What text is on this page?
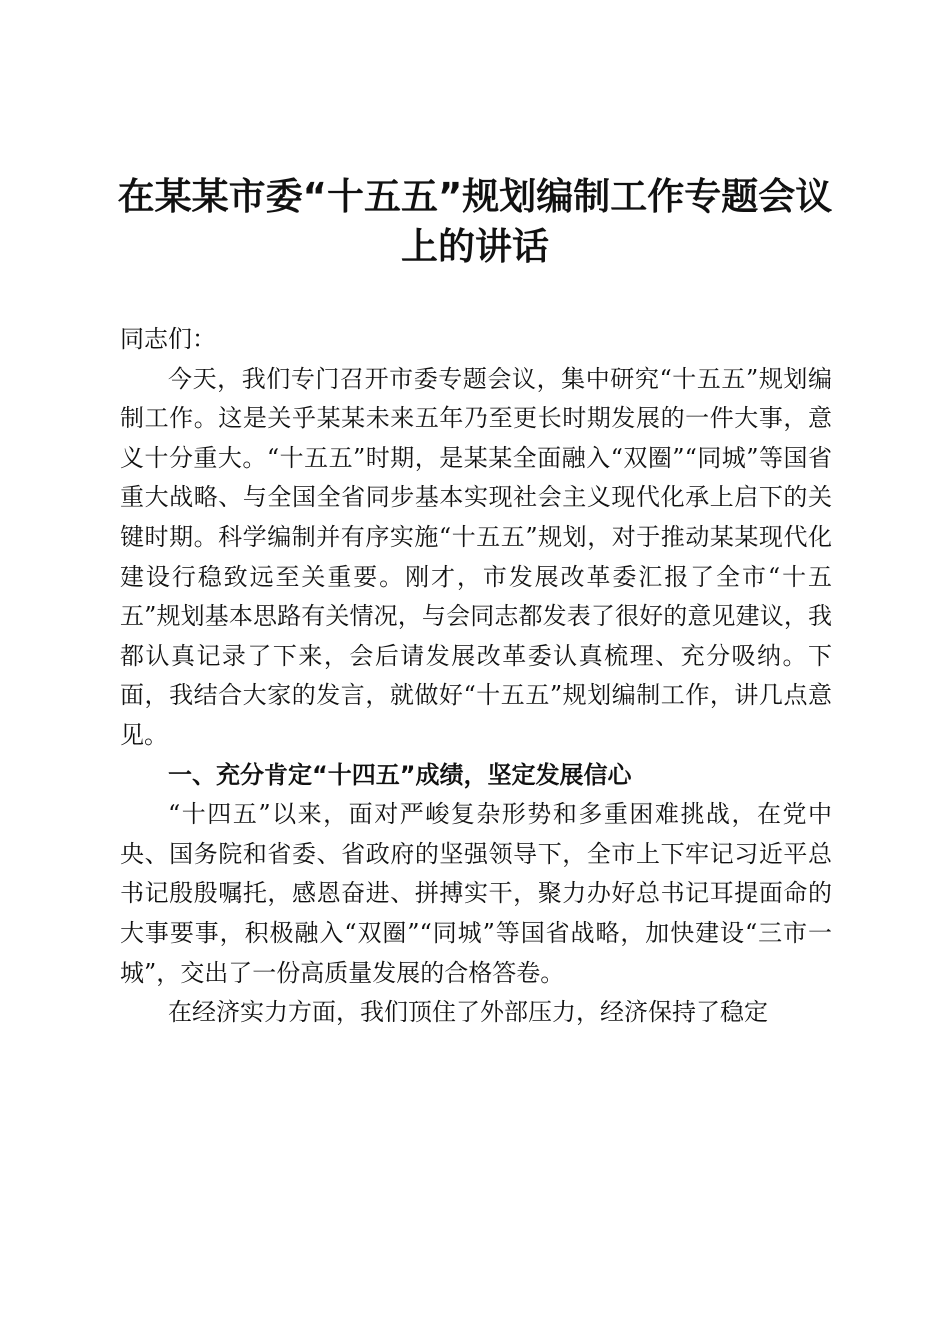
在某某市委“十五五”规划编制工作专题会议
上的讲话

同志们：

今天，我们专门召开市委专题会议，集中研究“十五五”规划编制工作。这是关乎某某未来五年乃至更长时期发展的一件大事，意义十分重大。“十五五”时期，是某某全面融入“双圈”“同城”等国省重大战略、与全国全省同步基本实现社会主义现代化承上启下的关键时期。科学编制并有序实施“十五五”规划，对于推动某某现代化建设行稳致远至关重要。刚才，市发展改革委汇报了全市“十五五”规划基本思路有关情况，与会同志都发表了很好的意见建议，我都认真记录了下来，会后请发展改革委认真梳理、充分吸纳。下面，我结合大家的发言，就做好“十五五”规划编制工作，讲几点意见。

一、充分肯定“十四五”成绩，坚定发展信心

“十四五”以来，面对严峻复杂形势和多重困难挑战，在党中央、国务院和省委、省政府的坚强领导下，全市上下牢记习近平总书记殷殷嘱托，感恩奋进、拼搏实干，聚力办好总书记耳提面命的大事要事，积极融入“双圈”“同城”等国省战略，加快建设“三市一城”，交出了一份高质量发展的合格答卷。

在经济实力方面，我们顶住了外部压力，经济保持了稳定
